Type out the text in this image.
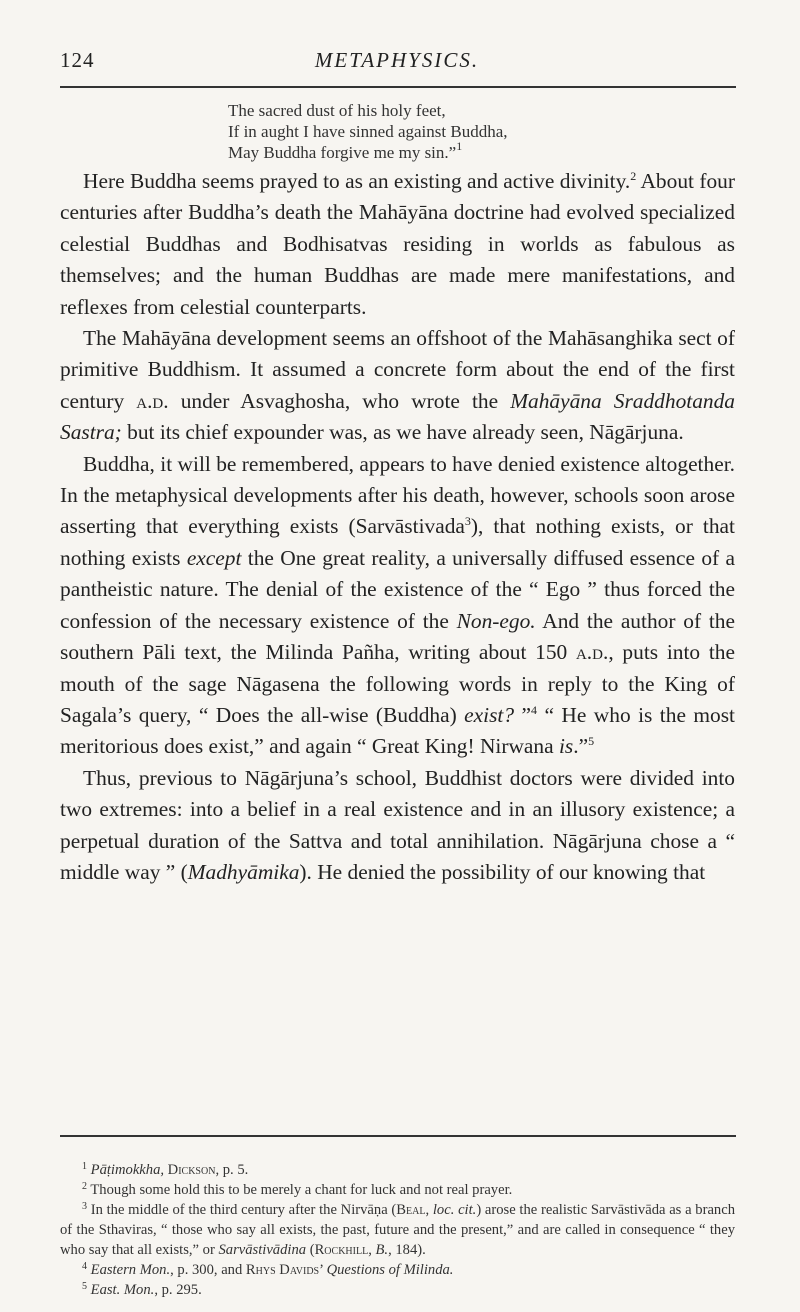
124	METAPHYSICS.
The sacred dust of his holy feet,
If in aught I have sinned against Buddha,
May Buddha forgive me my sin.”$^1$

Here Buddha seems prayed to as an existing and active divinity.$^2$ About four centuries after Buddha’s death the Mahāyāna doctrine had evolved specialized celestial Buddhas and Bodhisatvas residing in worlds as fabulous as themselves; and the human Buddhas are made mere manifestations, and reflexes from celestial counterparts.

The Mahāyāna development seems an offshoot of the Mahāsanghika sect of primitive Buddhism. It assumed a concrete form about the end of the first century a.d. under Asvaghosha, who wrote the Mahāyāna Sraddhotanda Sastra; but its chief expounder was, as we have already seen, Nāgārjuna.

Buddha, it will be remembered, appears to have denied existence altogether. In the metaphysical developments after his death, however, schools soon arose asserting that everything exists (Sarvāstivada$^3$), that nothing exists, or that nothing exists except the One great reality, a universally diffused essence of a pantheistic nature. The denial of the existence of the “ Ego ” thus forced the confession of the necessary existence of the Non-ego. And the author of the southern Pāli text, the Milinda Pañha, writing about 150 a.d., puts into the mouth of the sage Nāgasena the following words in reply to the King of Sagala’s query, “ Does the all-wise (Buddha) exist? ”$^4$ “ He who is the most meritorious does exist,” and again “ Great King! Nirwana is.”$^5$

Thus, previous to Nāgārjuna’s school, Buddhist doctors were divided into two extremes: into a belief in a real existence and in an illusory existence; a perpetual duration of the Sattva and total annihilation. Nāgārjuna chose a “ middle way ” (Madhyāmika). He denied the possibility of our knowing that

$^1$ Pāṭimokkha, Dickson, p. 5.

$^2$ Though some hold this to be merely a chant for luck and not real prayer.

$^3$ In the middle of the third century after the Nirvāṇa (Beal, loc. cit.) arose the realistic Sarvāstivāda as a branch of the Sthaviras, “ those who say all exists, the past, future and the present,” and are called in consequence “ they who say that all exists,” or Sarvāstivādina (Rockhill, B., 184).

$^4$ Eastern Mon., p. 300, and Rhys Davids’ Questions of Milinda.

$^5$ East. Mon., p. 295.
